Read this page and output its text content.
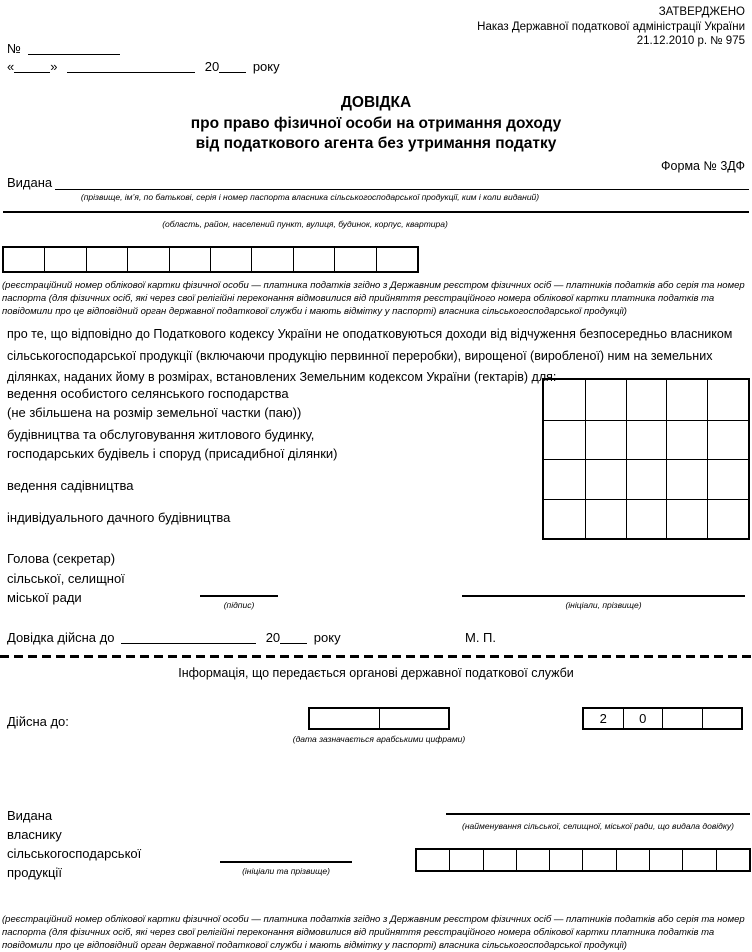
ЗАТВЕРДЖЕНО
Наказ Державної податкової адміністрації України
21.12.2010 р. № 975
№
«	»	20	року
ДОВІДКА
про право фізичної особи на отримання доходу
від податкового агента без утримання податку
Форма № 3ДФ
Видана
(прізвище, ім’я, по батькові, серія і номер паспорта власника сільськогосподарської продукції, ким і коли виданий)
(область, район, населений пункт, вулиця, будинок, корпус, квартира)
(реєстраційний номер облікової картки фізичної особи — платника податків згідно з Державним реєстром фізичних осіб — платників податків або серія та номер паспорта (для фізичних осіб, які через свої релігійні переконання відмовилися від прийняття реєстраційного номера облікової картки платника податків та повідомили про це відповідний орган державної податкової служби і мають відмітку у паспорті) власника сільськогосподарської продукції)
про те, що відповідно до Податкового кодексу України не оподатковуються доходи від відчуження безпосередньо власником сільськогосподарської продукції (включаючи продукцію первинної переробки), вирощеної (виробленої) ним на земельних ділянках, наданих йому в розмірах, встановлених Земельним кодексом України (гектарів) для:
ведення особистого селянського господарства
(не збільшена на розмір земельної частки (паю))
будівництва та обслуговування житлового будинку,
господарських будівель і споруд (присадибної ділянки)
ведення садівництва
індивідуального дачного будівництва
Голова (секретар)
сільської, селищної
міської ради	(підпис)	(ініціали, прізвище)
Довідка дійсна до	20	року	М. П.
Інформація, що передається органові державної податкової служби
Дійсна до:
(дата зазначається арабськими цифрами)
2	0
Видана
власнику
сільськогосподарської
продукції
(найменування сільської, селищної, міської ради, що видала довідку)
(ініціали та прізвище)
(реєстраційний номер облікової картки фізичної особи — платника податків згідно з Державним реєстром фізичних осіб — платників податків або серія та номер паспорта (для фізичних осіб, які через свої релігійні переконання відмовилися від прийняття реєстраційного номера облікової картки платника податків та повідомили про це відповідний орган державної податкової служби і мають відмітку у паспорті) власника сільськогосподарської продукції)
